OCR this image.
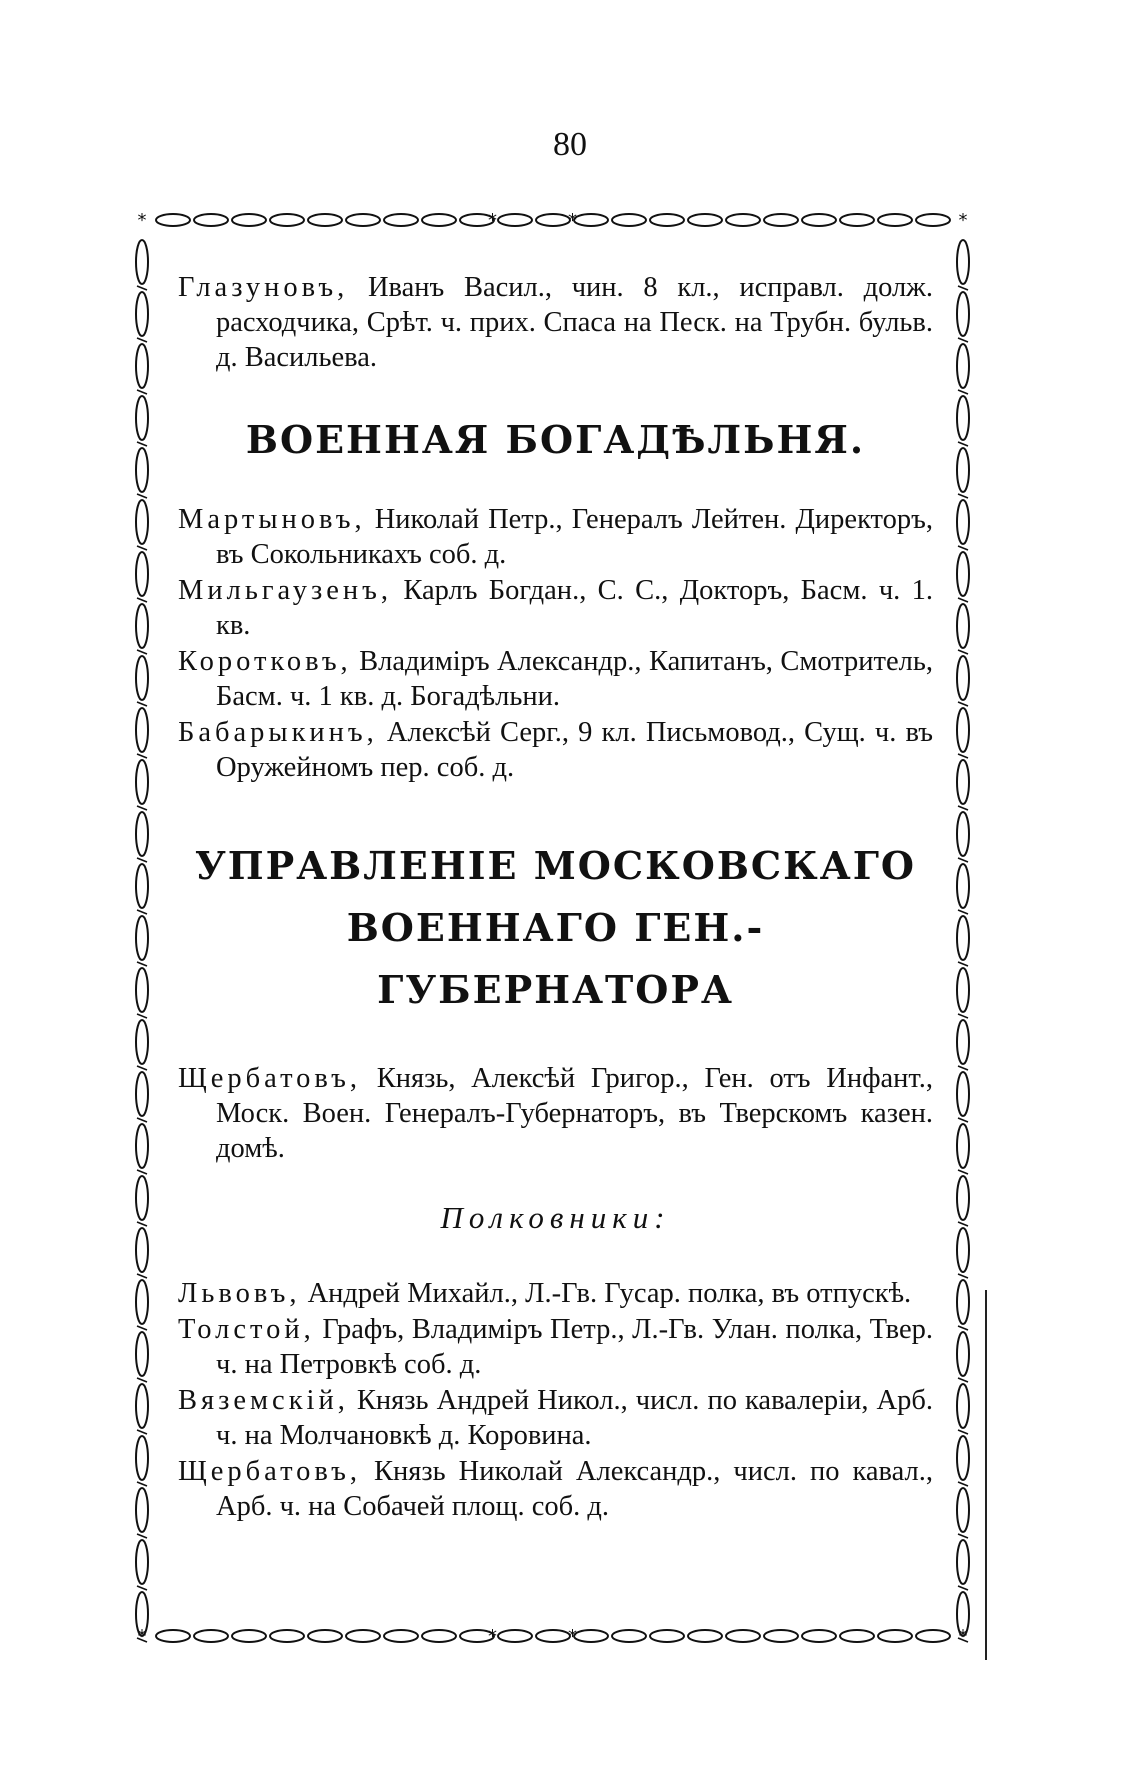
80
*	*
*	*
*	*
*	*

Глазуновъ, Иванъ Васил., чин. 8 кл., исправл. долж. расходчика, Срѣт. ч. прих. Спаса на Песк. на Трубн. бульв. д. Васильева.

ВОЕННАЯ БОГАДѢЛЬНЯ.

Мартыновъ, Николай Петр., Генералъ Лейтен. Директоръ, въ Сокольникахъ соб. д.

Мильгаузенъ, Карлъ Богдан., С. С., Докторъ, Басм. ч. 1. кв.

Коротковъ, Владимiръ Александр., Капитанъ, Смотритель, Басм. ч. 1 кв. д. Богадѣльни.

Бабарыкинъ, Алексѣй Серг., 9 кл. Письмовод., Сущ. ч. въ Оружейномъ пер. соб. д.

УПРАВЛЕНIЕ МОСКОВСКАГО
ВОЕННАГО ГЕН.-ГУБЕРНАТОРА

Щербатовъ, Князь, Алексѣй Григор., Ген. отъ Инфант., Моск. Воен. Генералъ-Губернаторъ, въ Тверскомъ казен. домѣ.

Полковники:

Львовъ, Андрей Михайл., Л.-Гв. Гусар. полка, въ отпускѣ.

Толстой, Графъ, Владимiръ Петр., Л.-Гв. Улан. полка, Твер. ч. на Петровкѣ соб. д.

Вяземскiй, Князь Андрей Никол., числ. по кавалерiи, Арб. ч. на Молчановкѣ д. Коровина.

Щербатовъ, Князь Николай Александр., числ. по кавал., Арб. ч. на Собачей площ. соб. д.
